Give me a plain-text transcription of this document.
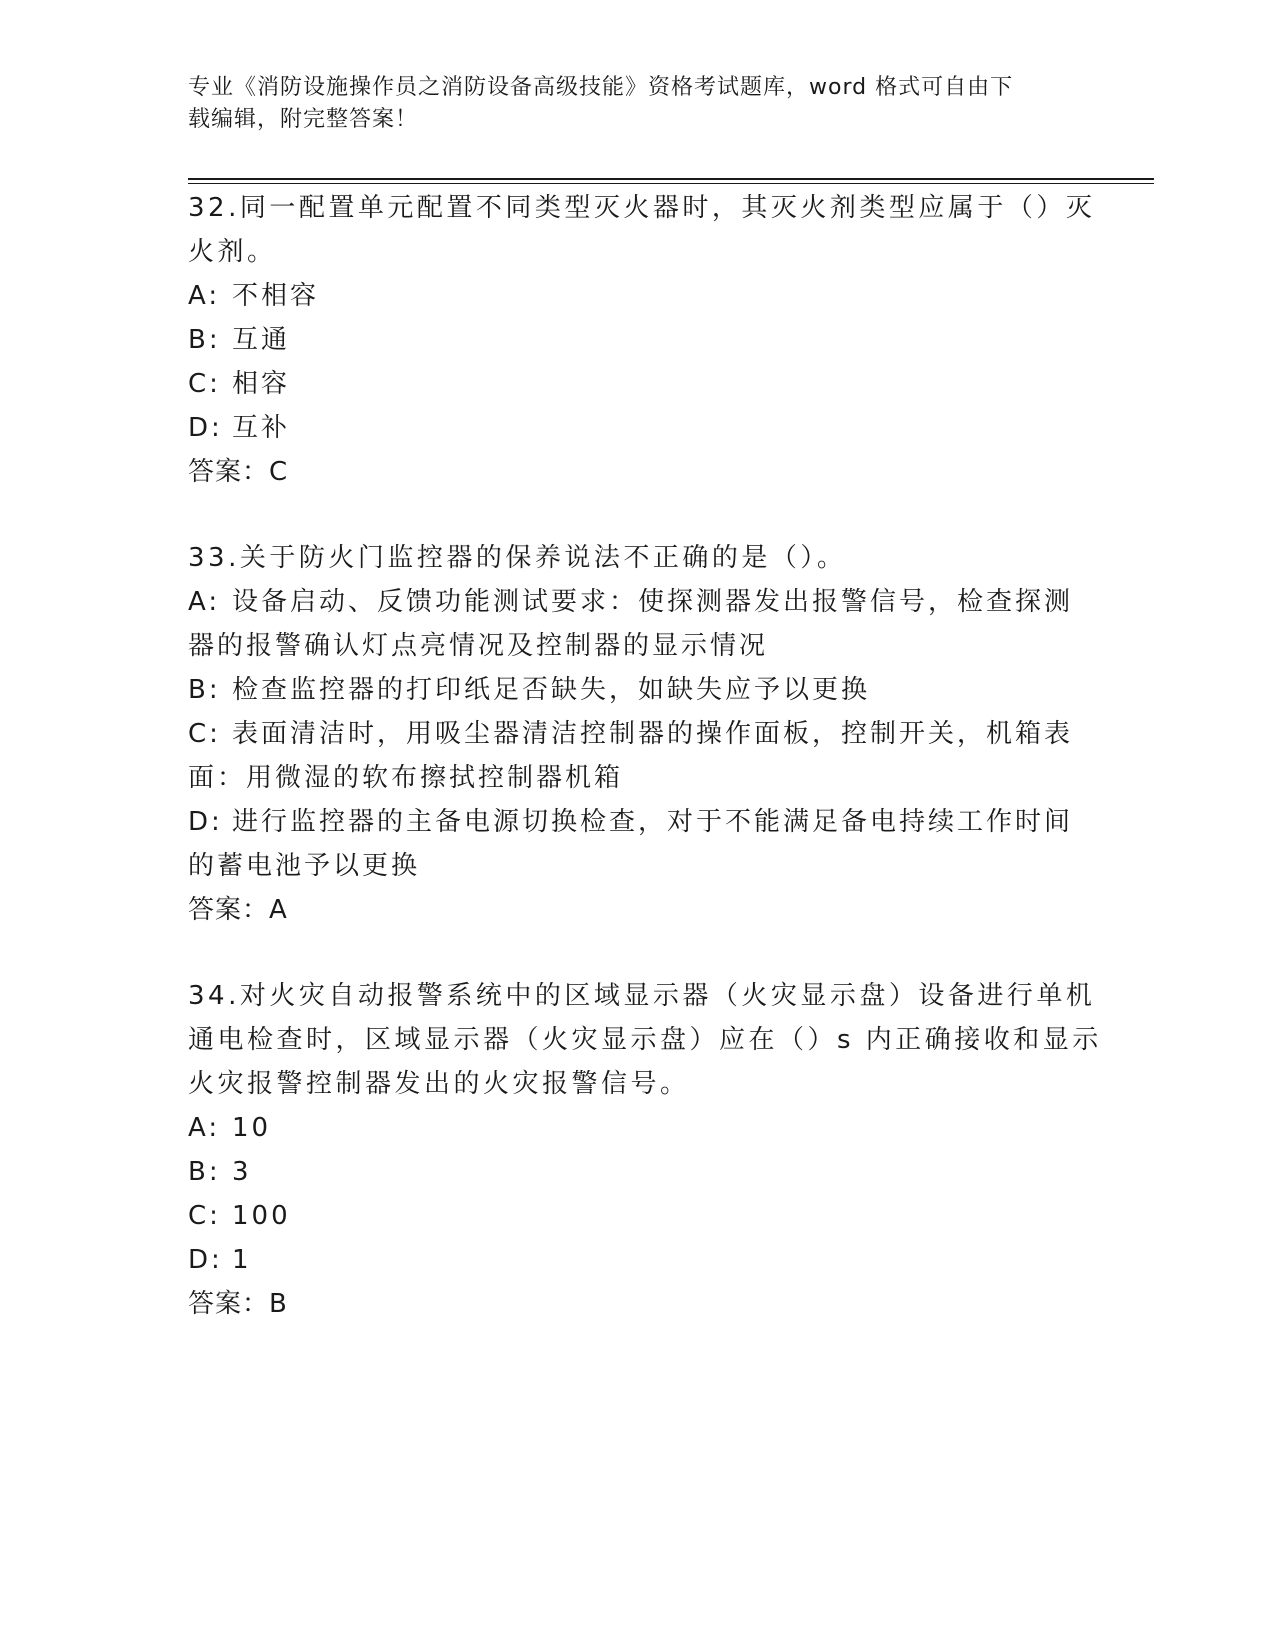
专业《消防设施操作员之消防设备高级技能》资格考试题库，word 格式可自由下
载编辑，附完整答案！
32.同一配置单元配置不同类型灭火器时，其灭火剂类型应属于（）灭
火剂。
A: 不相容
B: 互通
C: 相容
D: 互补
答案：C
33.关于防火门监控器的保养说法不正确的是（）。
A: 设备启动、反馈功能测试要求：使探测器发出报警信号，检查探测
器的报警确认灯点亮情况及控制器的显示情况
B: 检查监控器的打印纸足否缺失，如缺失应予以更换
C: 表面清洁时，用吸尘器清洁控制器的操作面板，控制开关，机箱表
面：用微湿的软布擦拭控制器机箱
D: 进行监控器的主备电源切换检查，对于不能满足备电持续工作时间
的蓄电池予以更换
答案：A
34.对火灾自动报警系统中的区域显示器（火灾显示盘）设备进行单机
通电检查时，区域显示器（火灾显示盘）应在（）s 内正确接收和显示
火灾报警控制器发出的火灾报警信号。
A: 10
B: 3
C: 100
D: 1
答案：B
